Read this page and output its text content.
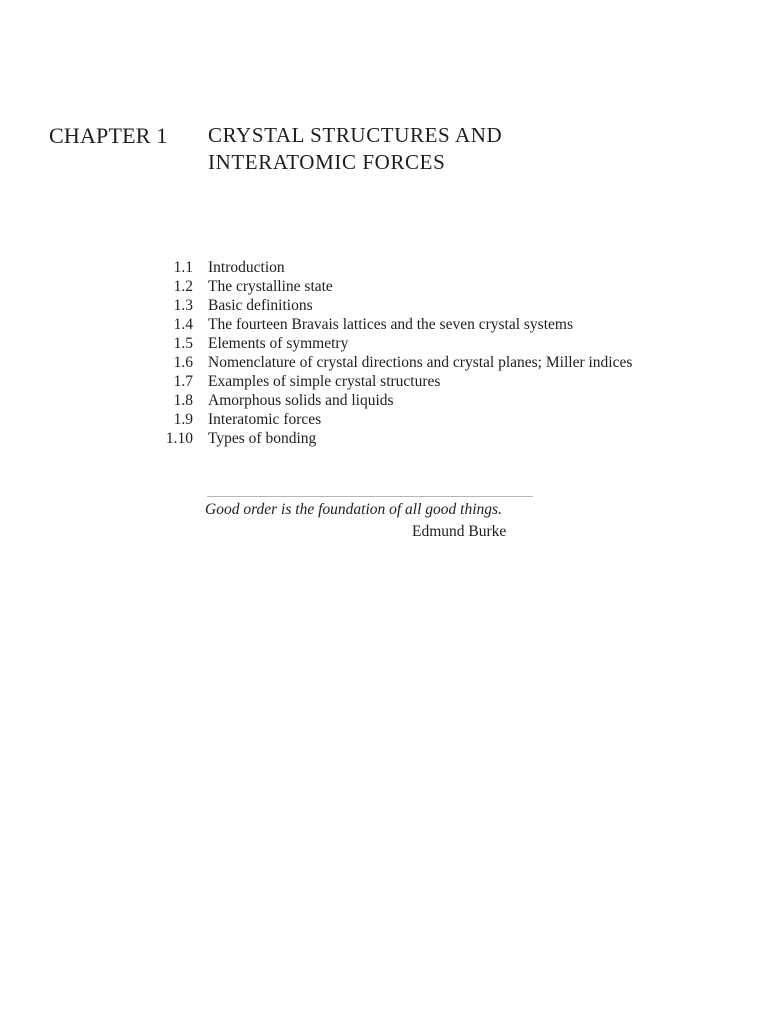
CHAPTER 1 CRYSTAL STRUCTURES AND
INTERATOMIC FORCES
1.1 Introduction
1.2 The crystalline state
1.3 Basic definitions
1.4 The fourteen Bravais lattices and the seven crystal systems
1.5 Elements of symmetry
1.6 Nomenclature of crystal directions and crystal planes; Miller indices
1.7 Examples of simple crystal structures
1.8 Amorphous solids and liquids
1.9 Interatomic forces
1.10 Types of bonding
Good order is the foundation of all good things.
Edmund Burke
